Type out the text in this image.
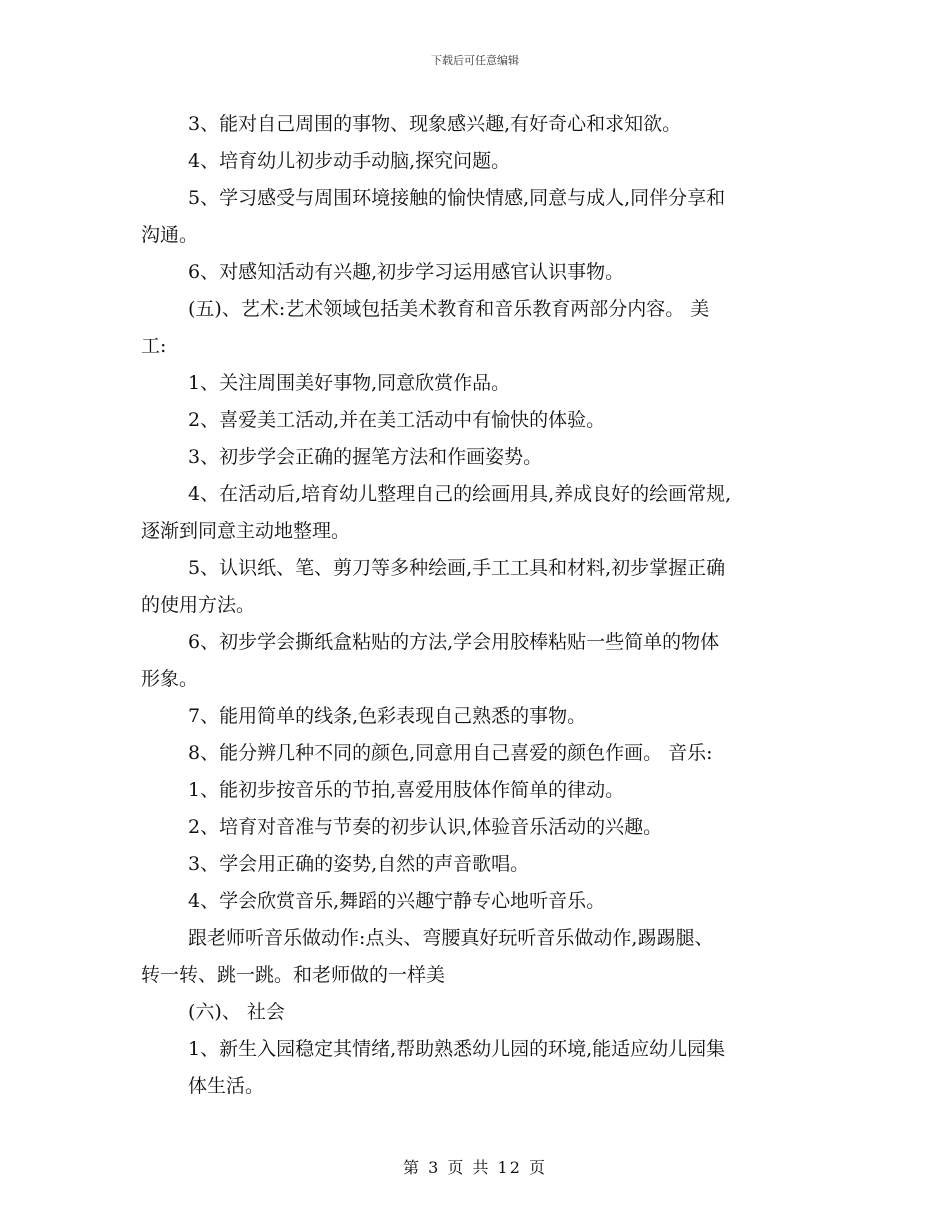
下载后可任意编辑
3、能对自己周围的事物、现象感兴趣,有好奇心和求知欲。
4、培育幼儿初步动手动脑,探究问题。
5、学习感受与周围环境接触的愉快情感,同意与成人,同伴分享和
沟通。
6、对感知活动有兴趣,初步学习运用感官认识事物。
(五)、艺术:艺术领域包括美术教育和音乐教育两部分内容。 美
工:
1、关注周围美好事物,同意欣赏作品。
2、喜爱美工活动,并在美工活动中有愉快的体验。
3、初步学会正确的握笔方法和作画姿势。
4、在活动后,培育幼儿整理自己的绘画用具,养成良好的绘画常规,
逐渐到同意主动地整理。
5、认识纸、笔、剪刀等多种绘画,手工工具和材料,初步掌握正确
的使用方法。
6、初步学会撕纸盒粘贴的方法,学会用胶棒粘贴一些简单的物体
形象。
7、能用简单的线条,色彩表现自己熟悉的事物。
8、能分辨几种不同的颜色,同意用自己喜爱的颜色作画。 音乐:
1、能初步按音乐的节拍,喜爱用肢体作简单的律动。
2、培育对音准与节奏的初步认识,体验音乐活动的兴趣。
3、学会用正确的姿势,自然的声音歌唱。
4、学会欣赏音乐,舞蹈的兴趣宁静专心地听音乐。
跟老师听音乐做动作:点头、弯腰真好玩听音乐做动作,踢踢腿、
转一转、跳一跳。和老师做的一样美
(六)、 社会
1、新生入园稳定其情绪,帮助熟悉幼儿园的环境,能适应幼儿园集
体生活。
第 3 页 共 12 页
